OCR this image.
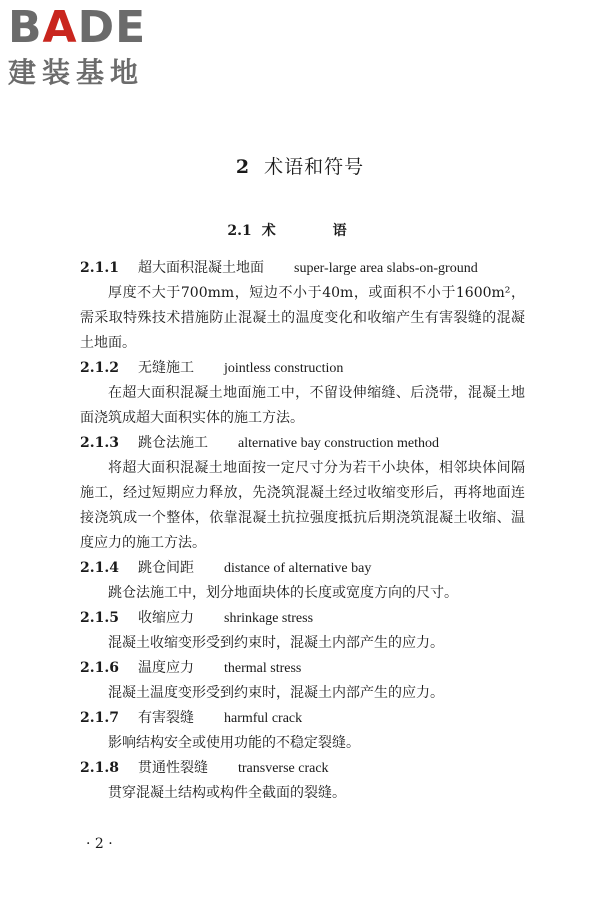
BADE
建装基地
2 术语和符号
2.1 术 语

2.1.1 超大面积混凝土地面 super-large area slabs-on-ground

厚度不大于700mm，短边不小于40m，或面积不小于1600m²，需采取特殊技术措施防止混凝土的温度变化和收缩产生有害裂缝的混凝土地面。

2.1.2 无缝施工 jointless construction

在超大面积混凝土地面施工中，不留设伸缩缝、后浇带，混凝土地面浇筑成超大面积实体的施工方法。

2.1.3 跳仓法施工 alternative bay construction method

将超大面积混凝土地面按一定尺寸分为若干小块体，相邻块体间隔施工，经过短期应力释放，先浇筑混凝土经过收缩变形后，再将地面连接浇筑成一个整体，依靠混凝土抗拉强度抵抗后期浇筑混凝土收缩、温度应力的施工方法。

2.1.4 跳仓间距 distance of alternative bay

跳仓法施工中，划分地面块体的长度或宽度方向的尺寸。

2.1.5 收缩应力 shrinkage stress

混凝土收缩变形受到约束时，混凝土内部产生的应力。

2.1.6 温度应力 thermal stress

混凝土温度变形受到约束时，混凝土内部产生的应力。

2.1.7 有害裂缝 harmful crack

影响结构安全或使用功能的不稳定裂缝。

2.1.8 贯通性裂缝 transverse crack

贯穿混凝土结构或构件全截面的裂缝。

· 2 ·
